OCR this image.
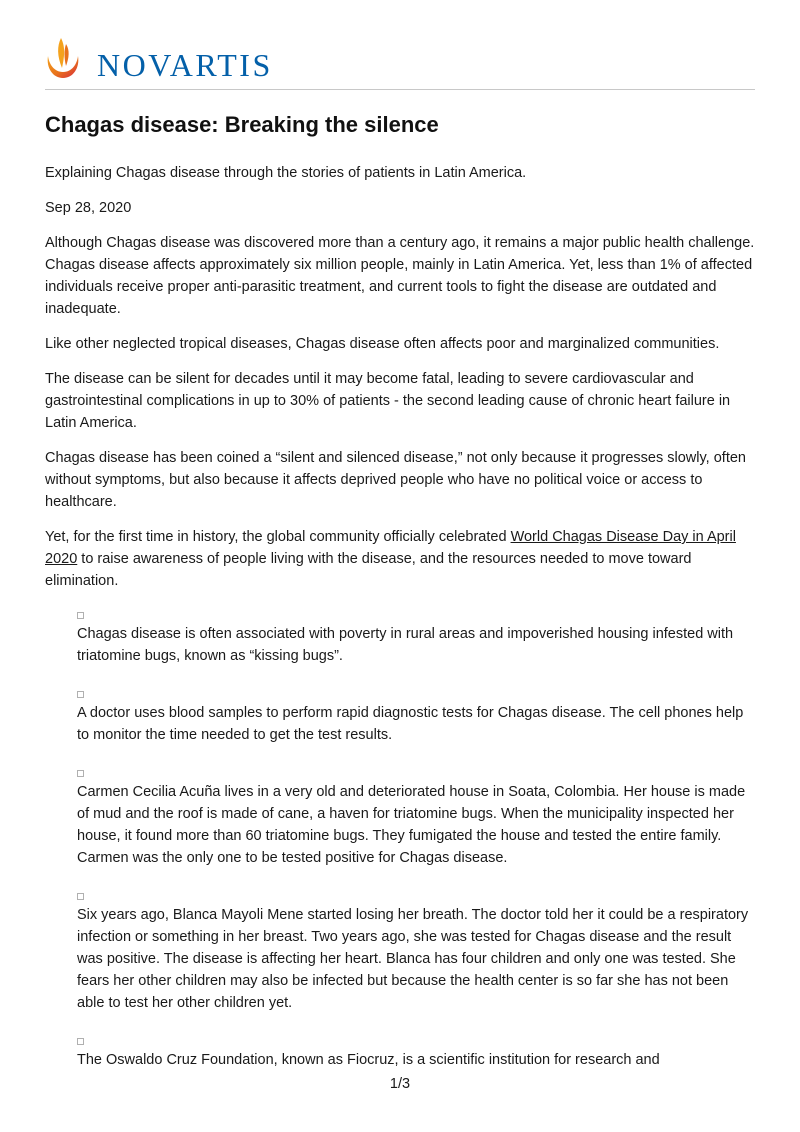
NOVARTIS
Chagas disease: Breaking the silence

Explaining Chagas disease through the stories of patients in Latin America.

Sep 28, 2020

Although Chagas disease was discovered more than a century ago, it remains a major public health challenge. Chagas disease affects approximately six million people, mainly in Latin America. Yet, less than 1% of affected individuals receive proper anti-parasitic treatment, and current tools to fight the disease are outdated and inadequate.

Like other neglected tropical diseases, Chagas disease often affects poor and marginalized communities.

The disease can be silent for decades until it may become fatal, leading to severe cardiovascular and gastrointestinal complications in up to 30% of patients - the second leading cause of chronic heart failure in Latin America.

Chagas disease has been coined a “silent and silenced disease,” not only because it progresses slowly, often without symptoms, but also because it affects deprived people who have no political voice or access to healthcare.

Yet, for the first time in history, the global community officially celebrated World Chagas Disease Day in April 2020 to raise awareness of people living with the disease, and the resources needed to move toward elimination.

Chagas disease is often associated with poverty in rural areas and impoverished housing infested with triatomine bugs, known as “kissing bugs”.

A doctor uses blood samples to perform rapid diagnostic tests for Chagas disease. The cell phones help to monitor the time needed to get the test results.

Carmen Cecilia Acuña lives in a very old and deteriorated house in Soata, Colombia. Her house is made of mud and the roof is made of cane, a haven for triatomine bugs. When the municipality inspected her house, it found more than 60 triatomine bugs. They fumigated the house and tested the entire family. Carmen was the only one to be tested positive for Chagas disease.

Six years ago, Blanca Mayoli Mene started losing her breath. The doctor told her it could be a respiratory infection or something in her breast. Two years ago, she was tested for Chagas disease and the result was positive. The disease is affecting her heart. Blanca has four children and only one was tested. She fears her other children may also be infected but because the health center is so far she has not been able to test her other children yet.

The Oswaldo Cruz Foundation, known as Fiocruz, is a scientific institution for research and

1/3
